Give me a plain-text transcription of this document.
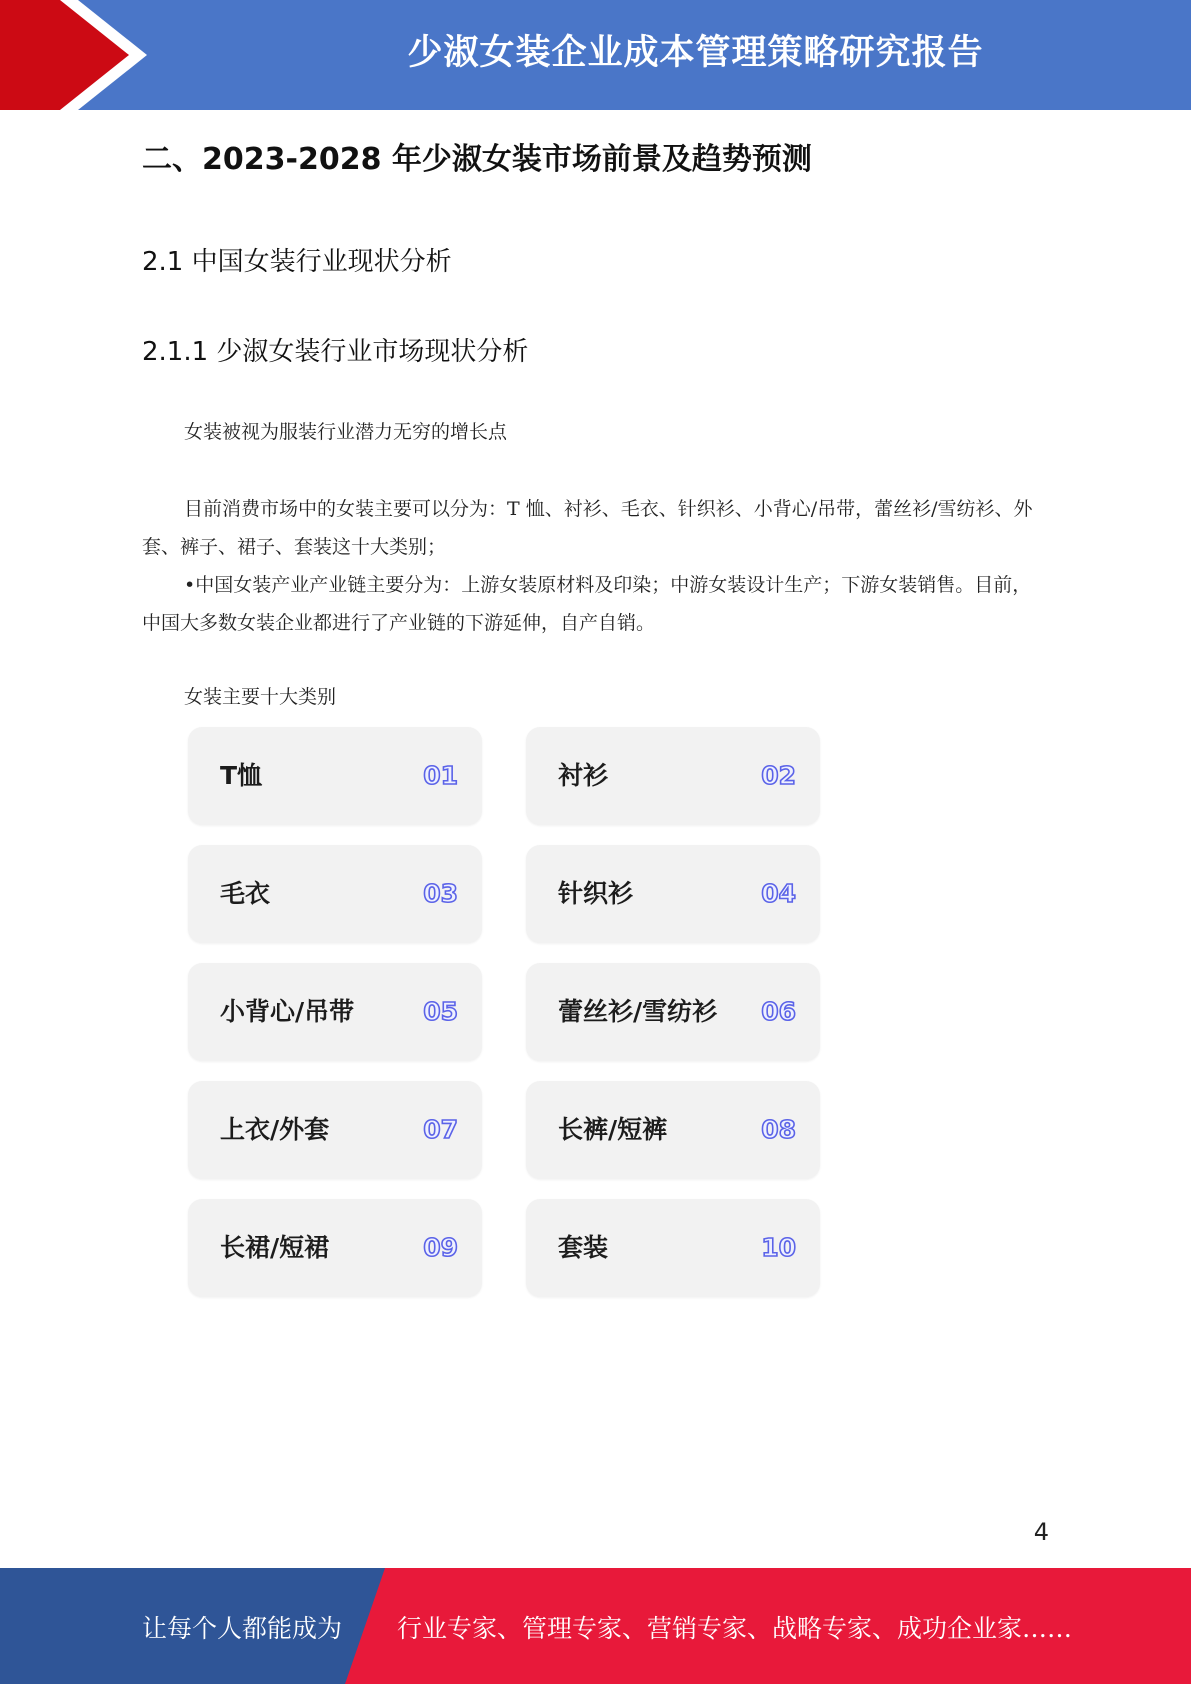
少淑女装企业成本管理策略研究报告
二、2023-2028 年少淑女装市场前景及趋势预测
2.1 中国女装行业现状分析
2.1.1 少淑女装行业市场现状分析
女装被视为服装行业潜力无穷的增长点
目前消费市场中的女装主要可以分为：T 恤、衬衫、毛衣、针织衫、小背心/吊带，蕾丝衫/雪纺衫、外套、裤子、裙子、套装这十大类别；
•中国女装产业产业链主要分为：上游女装原材料及印染；中游女装设计生产；下游女装销售。目前，中国大多数女装企业都进行了产业链的下游延伸，自产自销。
女装主要十大类别
T恤	01	衬衫	02
毛衣	03	针织衫	04
小背心/吊带	05	蕾丝衫/雪纺衫 06
上衣/外套	07	长裤/短裤	08
长裙/短裙	09	套装	10
4
让每个人都能成为 行业专家、管理专家、营销专家、战略专家、成功企业家……
